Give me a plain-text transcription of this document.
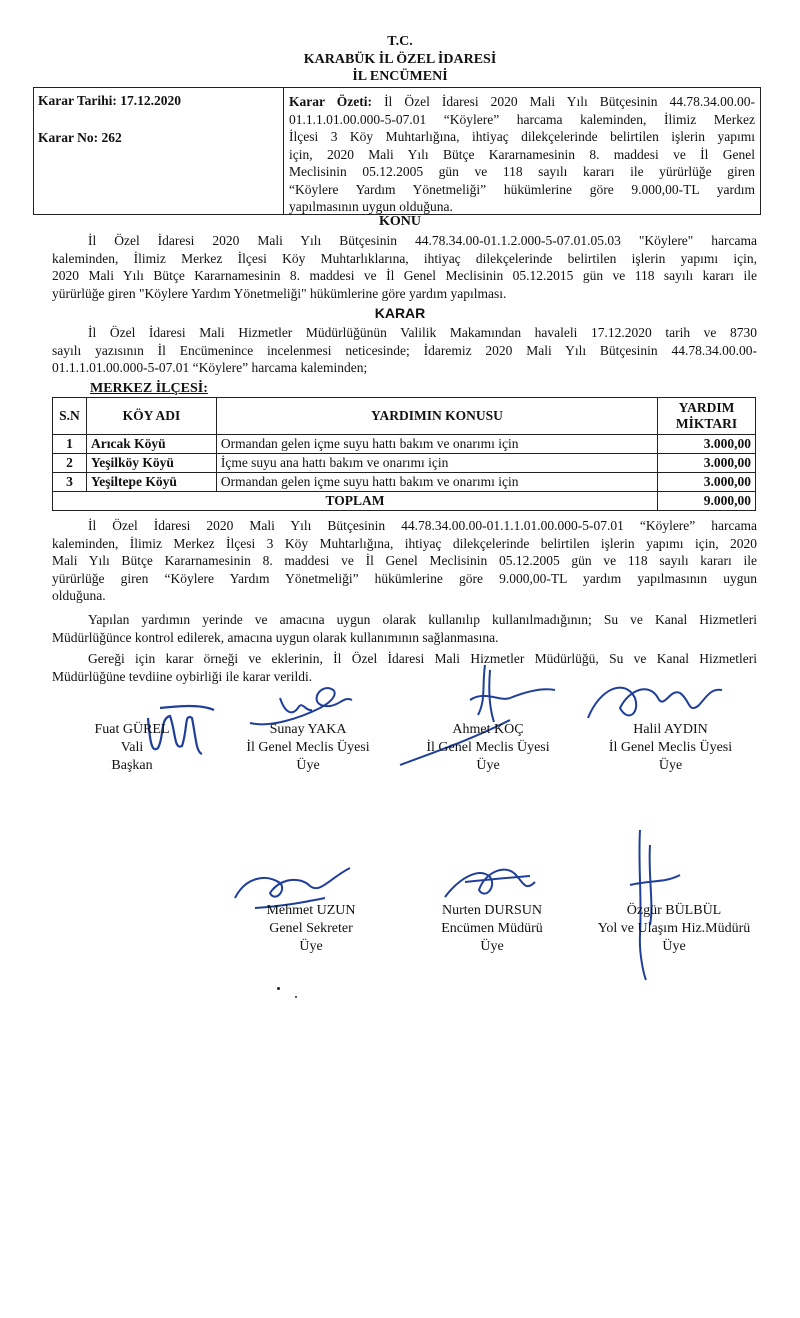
T.C.
KARABÜK İL ÖZEL İDARESİ
İL ENCÜMENİ
Karar Tarihi: 17.12.2020
Karar No: 262
Karar Özeti: İl Özel İdaresi 2020 Mali Yılı Bütçesinin 44.78.34.00.00-
01.1.1.01.00.000-5-07.01 “Köylere” harcama kaleminden, İlimiz Merkez
İlçesi 3 Köy Muhtarlığına, ihtiyaç dilekçelerinde belirtilen işlerin yapımı
için, 2020 Mali Yılı Bütçe Kararnamesinin 8. maddesi ve İl Genel
Meclisinin 05.12.2005 gün ve 118 sayılı kararı ile yürürlüğe giren
“Köylere Yardım Yönetmeliği” hükümlerine göre 9.000,00-TL yardım
yapılmasının uygun olduğuna.
KONU
İl Özel İdaresi 2020 Mali Yılı Bütçesinin 44.78.34.00-01.1.2.000-5-07.01.05.03 "Köylere" harcama
kaleminden, İlimiz Merkez İlçesi Köy Muhtarlıklarına, ihtiyaç dilekçelerinde belirtilen işlerin yapımı için,
2020 Mali Yılı Bütçe Kararnamesinin 8. maddesi ve İl Genel Meclisinin 05.12.2015 gün ve 118 sayılı kararı ile
yürürlüğe giren "Köylere Yardım Yönetmeliği" hükümlerine göre yardım yapılması.
KARAR
İl Özel İdaresi Mali Hizmetler Müdürlüğünün Valilik Makamından havaleli 17.12.2020 tarih ve 8730
sayılı yazısının İl Encümenince incelenmesi neticesinde; İdaremiz 2020 Mali Yılı Bütçesinin 44.78.34.00.00-
01.1.1.01.00.000-5-07.01 “Köylere” harcama kaleminden;
MERKEZ İLÇESİ:
S.N	KÖY ADI	YARDIMIN KONUSU	YARDIM
MİKTARI

1	Arıcak Köyü	Ormandan gelen içme suyu hattı bakım ve onarımı için	3.000,00
2	Yeşilköy Köyü	İçme suyu ana hattı bakım ve onarımı için	3.000,00
3	Yeşiltepe Köyü	Ormandan gelen içme suyu hattı bakım ve onarımı için	3.000,00
TOPLAM			9.000,00
İl Özel İdaresi 2020 Mali Yılı Bütçesinin 44.78.34.00.00-01.1.1.01.00.000-5-07.01 “Köylere” harcama
kaleminden, İlimiz Merkez İlçesi 3 Köy Muhtarlığına, ihtiyaç dilekçelerinde belirtilen işlerin yapımı için, 2020
Mali Yılı Bütçe Kararnamesinin 8. maddesi ve İl Genel Meclisinin 05.12.2005 gün ve 118 sayılı kararı ile
yürürlüğe giren “Köylere Yardım Yönetmeliği” hükümlerine göre 9.000,00-TL yardım yapılmasının uygun
olduğuna.
Yapılan yardımın yerinde ve amacına uygun olarak kullanılıp kullanılmadığının; Su ve Kanal Hizmetleri
Müdürlüğünce kontrol edilerek, amacına uygun olarak kullanımının sağlanmasına.
Gereği için karar örneği ve eklerinin, İl Özel İdaresi Mali Hizmetler Müdürlüğü, Su ve Kanal Hizmetleri
Müdürlüğüne tevdiine oybirliği ile karar verildi.
Fuat GÜREL
Vali
Başkan
Sunay YAKA
İl Genel Meclis Üyesi
Üye
Ahmet KOÇ
İl Genel Meclis Üyesi
Üye
Halil AYDIN
İl Genel Meclis Üyesi
Üye
Mehmet UZUN
Genel Sekreter
Üye
Nurten DURSUN
Encümen Müdürü
Üye
Özgür BÜLBÜL
Yol ve Ulaşım Hiz.Müdürü
Üye
